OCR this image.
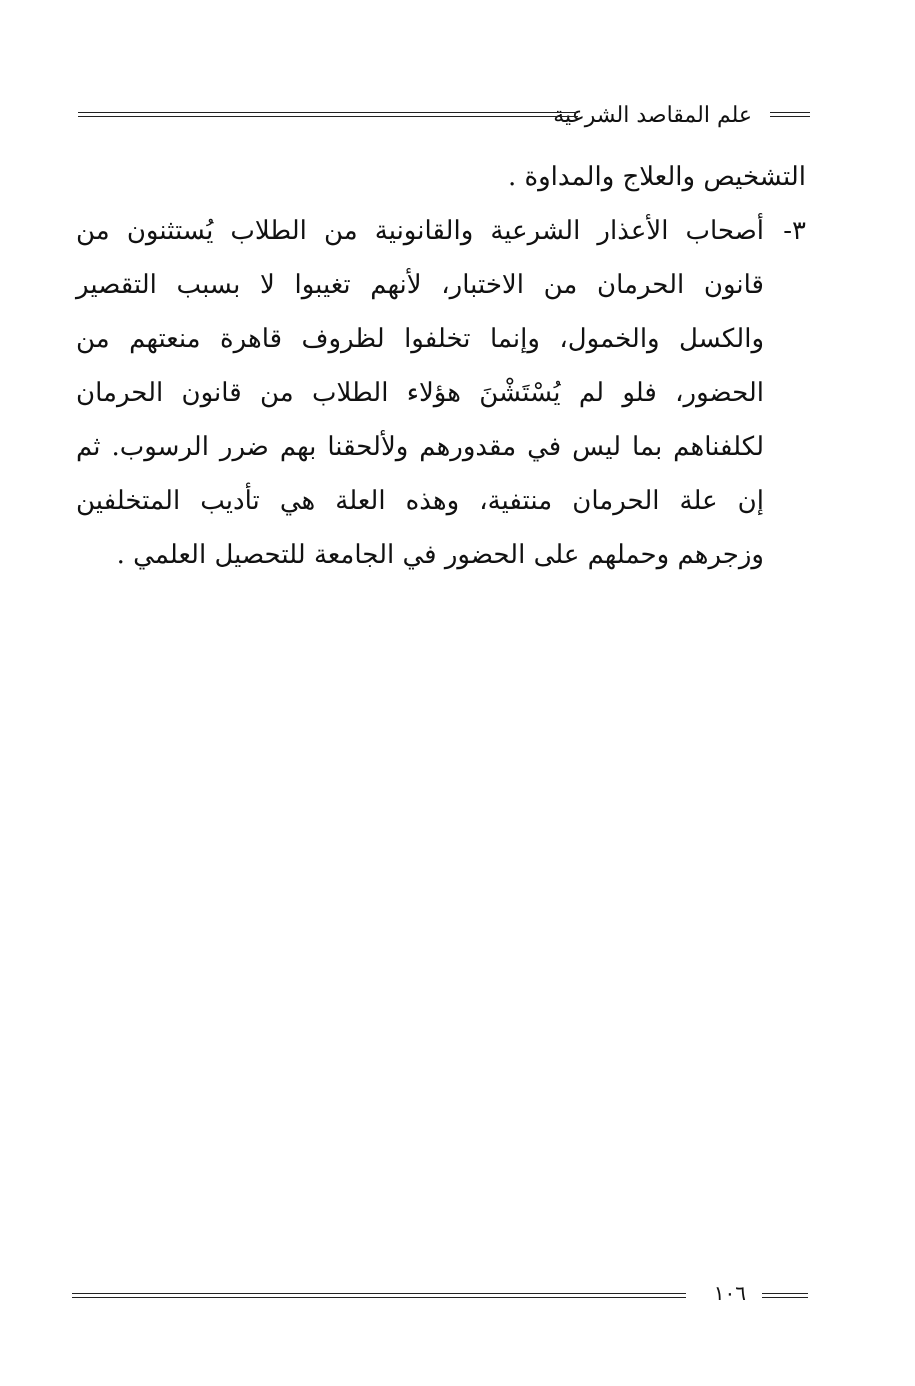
علم المقاصد الشرعية

التشخيص والعلاج والمداوة .

٣-
أصحاب الأعذار الشرعية والقانونية من الطلاب يُستثنون من قانون الحرمان من الاختبار، لأنهم تغيبوا لا بسبب التقصير والكسل والخمول، وإنما تخلفوا لظروف قاهرة منعتهم من الحضور، فلو لم يُسْتَشْنَ هؤلاء الطلاب من قانون الحرمان لكلفناهم بما ليس في مقدورهم ولألحقنا بهم ضرر الرسوب. ثم إن علة الحرمان منتفية، وهذه العلة هي تأديب المتخلفين وزجرهم وحملهم على الحضور في الجامعة للتحصيل العلمي .
١٠٦
